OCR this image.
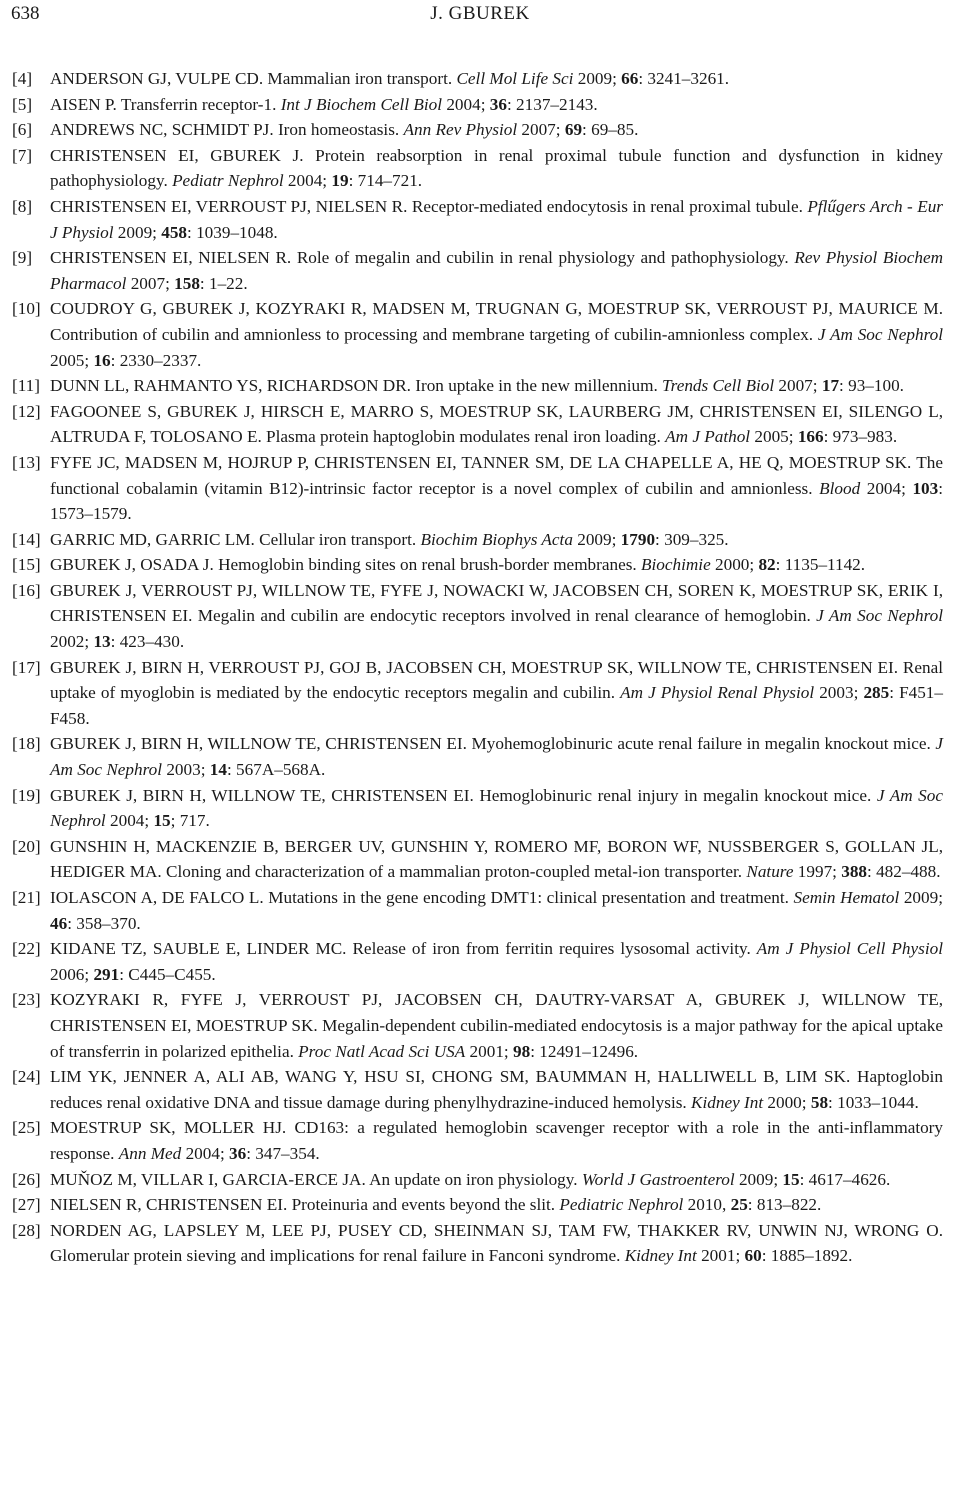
638	J. GBUREK
[4]	ANDERSON GJ, VULPE CD. Mammalian iron transport. Cell Mol Life Sci 2009; 66: 3241–3261.
[5]	AISEN P. Transferrin receptor-1. Int J Biochem Cell Biol 2004; 36: 2137–2143.
[6]	ANDREWS NC, SCHMIDT PJ. Iron homeostasis. Ann Rev Physiol 2007; 69: 69–85.
[7]	CHRISTENSEN EI, GBUREK J. Protein reabsorption in renal proximal tubule function and dysfunction in kidney pathophysiology. Pediatr Nephrol 2004; 19: 714–721.
[8]	CHRISTENSEN EI, VERROUST PJ, NIELSEN R. Receptor-mediated endocytosis in renal proximal tubule. Pflűgers Arch - Eur J Physiol 2009; 458: 1039–1048.
[9]	CHRISTENSEN EI, NIELSEN R. Role of megalin and cubilin in renal physiology and pathophysiology. Rev Physiol Biochem Pharmacol 2007; 158: 1–22.
[10] COUDROY G, GBUREK J, KOZYRAKI R, MADSEN M, TRUGNAN G, MOESTRUP SK, VERROUST PJ, MAURICE M. Contribution of cubilin and amnionless to processing and membrane targeting of cubilin-amnionless complex. J Am Soc Nephrol 2005; 16: 2330–2337.
[11] DUNN LL, RAHMANTO YS, RICHARDSON DR. Iron uptake in the new millennium. Trends Cell Biol 2007; 17: 93–100.
[12] FAGOONEE S, GBUREK J, HIRSCH E, MARRO S, MOESTRUP SK, LAURBERG JM, CHRISTENSEN EI, SILENGO L, ALTRUDA F, TOLOSANO E. Plasma protein haptoglobin modulates renal iron loading. Am J Pathol 2005; 166: 973–983.
[13] FYFE JC, MADSEN M, HOJRUP P, CHRISTENSEN EI, TANNER SM, DE LA CHAPELLE A, HE Q, MOESTRUP SK. The functional cobalamin (vitamin B12)-intrinsic factor receptor is a novel complex of cubilin and amnionless. Blood 2004; 103: 1573–1579.
[14] GARRIC MD, GARRIC LM. Cellular iron transport. Biochim Biophys Acta 2009; 1790: 309–325.
[15] GBUREK J, OSADA J. Hemoglobin binding sites on renal brush-border membranes. Biochimie 2000; 82: 1135–1142.
[16] GBUREK J, VERROUST PJ, WILLNOW TE, FYFE J, NOWACKI W, JACOBSEN CH, SOREN K, MOESTRUP SK, ERIK I, CHRISTENSEN EI. Megalin and cubilin are endocytic receptors involved in renal clearance of hemoglobin. J Am Soc Nephrol 2002; 13: 423–430.
[17] GBUREK J, BIRN H, VERROUST PJ, GOJ B, JACOBSEN CH, MOESTRUP SK, WILLNOW TE, CHRISTENSEN EI. Renal uptake of myoglobin is mediated by the endocytic receptors megalin and cubilin. Am J Physiol Renal Physiol 2003; 285: F451–F458.
[18] GBUREK J, BIRN H, WILLNOW TE, CHRISTENSEN EI. Myohemoglobinuric acute renal failure in megalin knockout mice. J Am Soc Nephrol 2003; 14: 567A–568A.
[19] GBUREK J, BIRN H, WILLNOW TE, CHRISTENSEN EI. Hemoglobinuric renal injury in megalin knockout mice. J Am Soc Nephrol 2004; 15; 717.
[20] GUNSHIN H, MACKENZIE B, BERGER UV, GUNSHIN Y, ROMERO MF, BORON WF, NUSSBERGER S, GOLLAN JL, HEDIGER MA. Cloning and characterization of a mammalian proton-coupled metal-ion transporter. Nature 1997; 388: 482–488.
[21] IOLASCON A, DE FALCO L. Mutations in the gene encoding DMT1: clinical presentation and treatment. Semin Hematol 2009; 46: 358–370.
[22] KIDANE TZ, SAUBLE E, LINDER MC. Release of iron from ferritin requires lysosomal activity. Am J Physiol Cell Physiol 2006; 291: C445–C455.
[23] KOZYRAKI R, FYFE J, VERROUST PJ, JACOBSEN CH, DAUTRY-VARSAT A, GBUREK J, WILLNOW TE, CHRISTENSEN EI, MOESTRUP SK. Megalin-dependent cubilin-mediated endocytosis is a major pathway for the apical uptake of transferrin in polarized epithelia. Proc Natl Acad Sci USA 2001; 98: 12491–12496.
[24] LIM YK, JENNER A, ALI AB, WANG Y, HSU SI, CHONG SM, BAUMMAN H, HALLIWELL B, LIM SK. Haptoglobin reduces renal oxidative DNA and tissue damage during phenylhydrazine-induced hemolysis. Kidney Int 2000; 58: 1033–1044.
[25] MOESTRUP SK, MOLLER HJ. CD163: a regulated hemoglobin scavenger receptor with a role in the anti-inflammatory response. Ann Med 2004; 36: 347–354.
[26] MUŇOZ M, VILLAR I, GARCIA-ERCE JA. An update on iron physiology. World J Gastroenterol 2009; 15: 4617–4626.
[27] NIELSEN R, CHRISTENSEN EI. Proteinuria and events beyond the slit. Pediatric Nephrol 2010, 25: 813–822.
[28] NORDEN AG, LAPSLEY M, LEE PJ, PUSEY CD, SHEINMAN SJ, TAM FW, THAKKER RV, UNWIN NJ, WRONG O. Glomerular protein sieving and implications for renal failure in Fanconi syndrome. Kidney Int 2001; 60: 1885–1892.
